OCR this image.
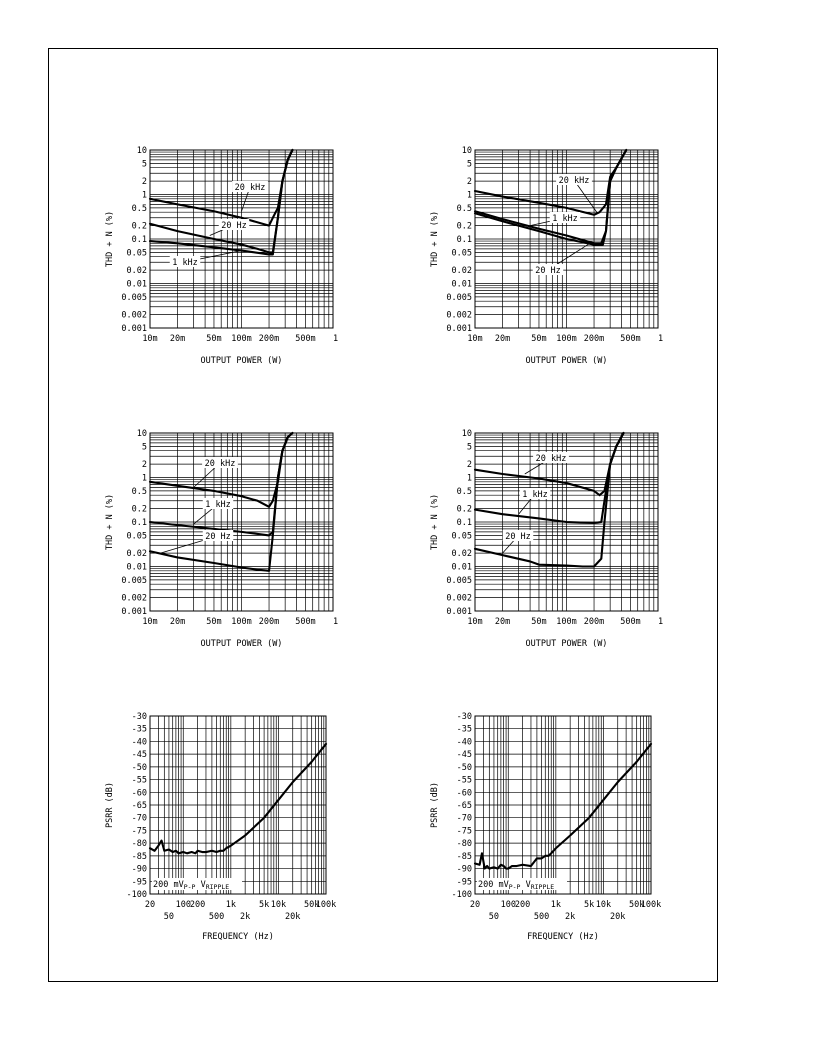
10
5
2
1
0.5
0.2
0.1
0.05
0.02
0.01
0.005
0.002
0.001
10m 20m 50m 100m 200m 500m 1
OUTPUT POWER (W)
THD + N (%)
20 kHz
20 Hz
1 kHz
10
5
2
1
0.5
0.2
0.1
0.05
0.02
0.01
0.005
0.002
0.001
10m 20m 50m 100m 200m 500m 1
OUTPUT POWER (W)
THD + N (%)
20 kHz
1 kHz
20 Hz
10
5
2
1
0.5
0.2
0.1
0.05
0.02
0.01
0.005
0.002
0.001
10m 20m 50m 100m 200m 500m 1
OUTPUT POWER (W)
THD + N (%)
20 kHz
1 kHz
20 Hz
10
5
2
1
0.5
0.2
0.1
0.05
0.02
0.01
0.005
0.002
0.001
10m 20m 50m 100m 200m 500m 1
OUTPUT POWER (W)
THD + N (%)
20 kHz
1 kHz
20 Hz
-30
-35
-40
-45
-50
-55
-60
-65
-70
-75
-80
-85
-90
-95
-100
20
50
100
200
500
1k
2k
5k 10k
20k
50k
100k
FREQUENCY (Hz)
PSRR (dB)
200 $mV_{P-P}$ $V_{RIPPLE}$
-30
-35
-40
-45
-50
-55
-60
-65
-70
-75
-80
-85
-90
-95
-100
20
50
100
200
500
1k
2k
5k 10k
20k
50k
100k
FREQUENCY (Hz)
PSRR (dB)
200 $mV_{P-P}$ $V_{RIPPLE}$
